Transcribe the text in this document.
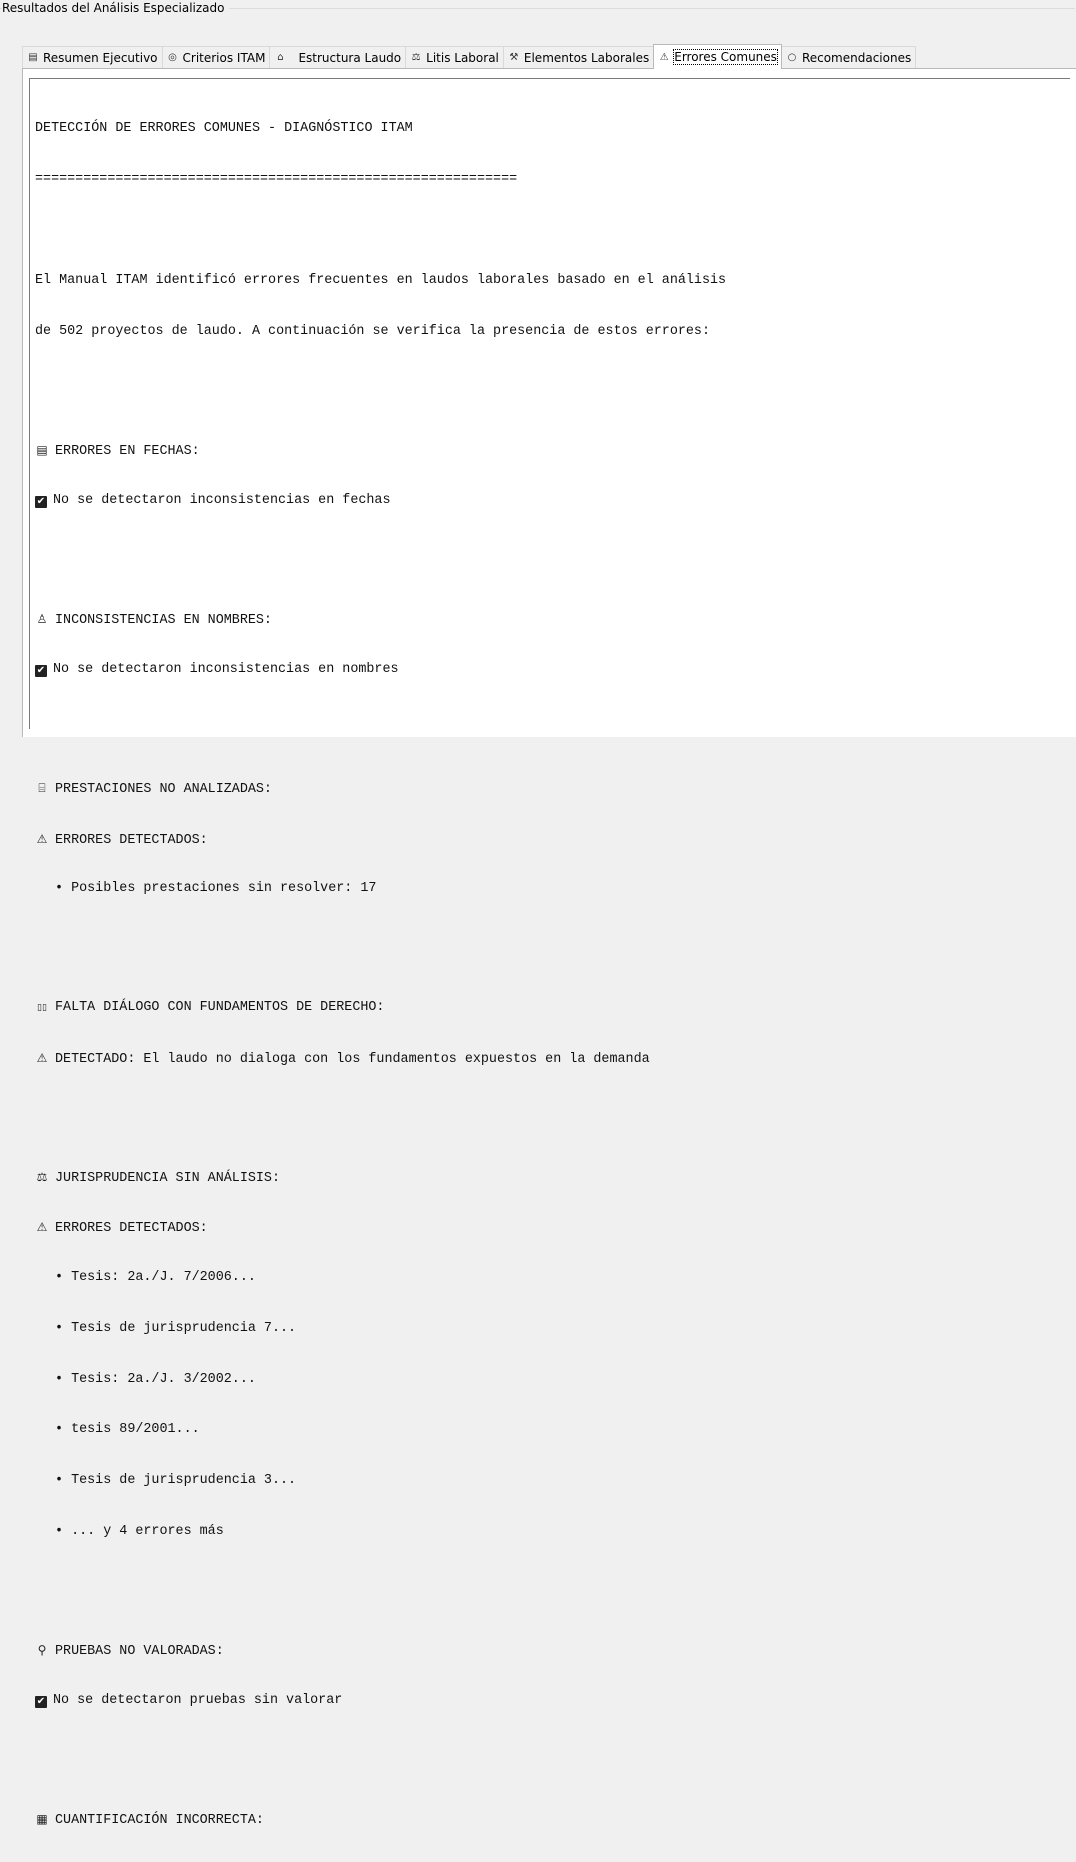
Resultados del Análisis Especializado
▤ Resumen Ejecutivo ◎ Criterios ITAM	⌂	Estructura Laudo ⚖ Litis Laboral ⚒ Elementos Laborales ⚠ Errores Comunes ○ Recomendaciones

DETECCIÓN DE ERRORES COMUNES - DIAGNÓSTICO ITAM

============================================================

El Manual ITAM identificó errores frecuentes en laudos laborales basado en el análisis

de 502 proyectos de laudo. A continuación se verifica la presencia de estos errores:

▤ ERRORES EN FECHAS:

✔ No se detectaron inconsistencias en fechas

♙ INCONSISTENCIAS EN NOMBRES:

✔ No se detectaron inconsistencias en nombres

⌸ PRESTACIONES NO ANALIZADAS:

⚠ ERRORES DETECTADOS:

• Posibles prestaciones sin resolver: 17

▯▯ FALTA DIÁLOGO CON FUNDAMENTOS DE DERECHO:

⚠ DETECTADO: El laudo no dialoga con los fundamentos expuestos en la demanda

⚖ JURISPRUDENCIA SIN ANÁLISIS:

⚠ ERRORES DETECTADOS:

• Tesis: 2a./J. 7/2006...

• Tesis de jurisprudencia 7...

• Tesis: 2a./J. 3/2002...

• tesis 89/2001...

• Tesis de jurisprudencia 3...

• ... y 4 errores más

⚲ PRUEBAS NO VALORADAS:

✔ No se detectaron pruebas sin valorar

▦ CUANTIFICACIÓN INCORRECTA:
